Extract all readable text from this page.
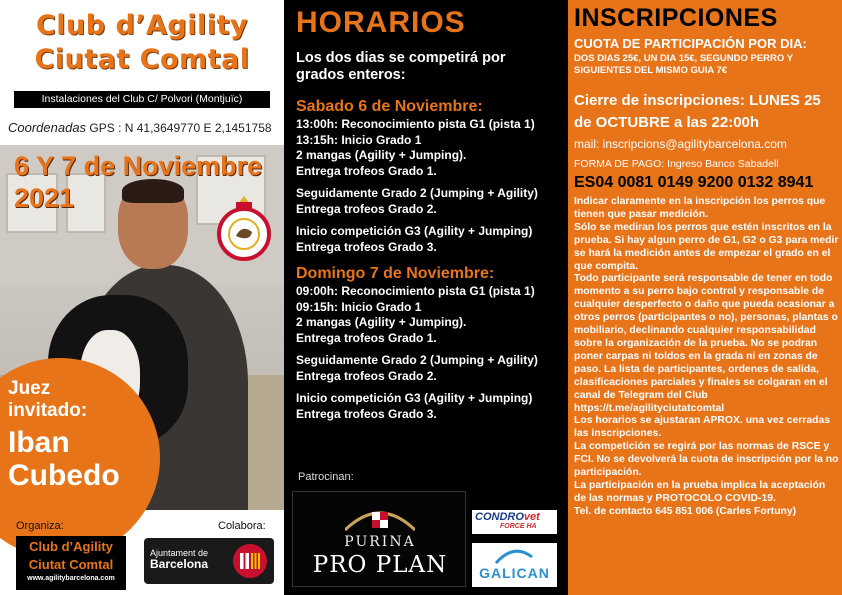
Club d’Agility
Ciutat Comtal
Instalaciones del Club C/ Polvori (Montjuïc)
Coordenadas GPS : N 41,3649770 E 2,1451758
6 Y 7 de Noviembre
2021
Juez
invitado:
Iban
Cubedo
Organiza:	Colabora:
Club d’Agility
Ciutat Comtal
www.agilitybarcelona.com
Ajuntament de
Barcelona
HORARIOS
Los dos dias se competirá por grados enteros:
Sabado 6 de Noviembre:
13:00h: Reconocimiento pista G1 (pista 1)
13:15h: Inicio Grado 1
2 mangas (Agility + Jumping).
Entrega trofeos Grado 1.
Seguidamente Grado 2 (Jumping + Agility)
Entrega trofeos Grado 2.
Inicio competición G3 (Agility + Jumping)
Entrega trofeos Grado 3.
Domingo 7 de Noviembre:
09:00h: Reconocimiento pista G1 (pista 1)
09:15h: Inicio Grado 1
2 mangas (Agility + Jumping).
Entrega trofeos Grado 1.
Seguidamente Grado 2 (Jumping + Agility)
Entrega trofeos Grado 2.
Inicio competición G3 (Agility + Jumping)
Entrega trofeos Grado 3.
Patrocinan:
PURINA
PRO PLAN
CONDROvet
FORCE HA
GALICAN
INSCRIPCIONES
CUOTA DE PARTICIPACIÓN POR DIA:
DOS DIAS 25€, UN DIA 15€, SEGUNDO PERRO Y SIGUIENTES DEL MISMO GUIA 7€
Cierre de inscripciones: LUNES 25 de OCTUBRE a las 22:00h
mail: inscripcions@agilitybarcelona.com
FORMA DE PAGO: Ingreso Banco Sabadell
ES04 0081 0149 9200 0132 8941
Indicar claramente en la inscripción los perros que tienen que pasar medición.
Sólo se mediran los perros que estén inscritos en la prueba. Si hay algun perro de G1, G2 o G3 para medir se hará la medición antes de empezar el grado en el que compita.
Todo participante será responsable de tener en todo momento a su perro bajo control y responsable de cualquier desperfecto o daño que pueda ocasionar a otros perros (participantes o no), personas, plantas o mobiliario, declinando cualquier responsabilidad sobre la organización de la prueba. No se podran poner carpas ni toldos en la grada ni en zonas de paso. La lista de participantes, ordenes de salida, clasificaciones parciales y finales se colgaran en el canal de Telegram del Club https://t.me/agilityciutatcomtal
Los horarios se ajustaran APROX. una vez cerradas las inscripciones.
La competición se regirá por las normas de RSCE y FCI. No se devolverá la cuota de inscripción por la no participación.
La participación en la prueba implica la aceptación de las normas y PROTOCOLO COVID-19.
Tel. de contacto 645 851 006 (Carles Fortuny)
